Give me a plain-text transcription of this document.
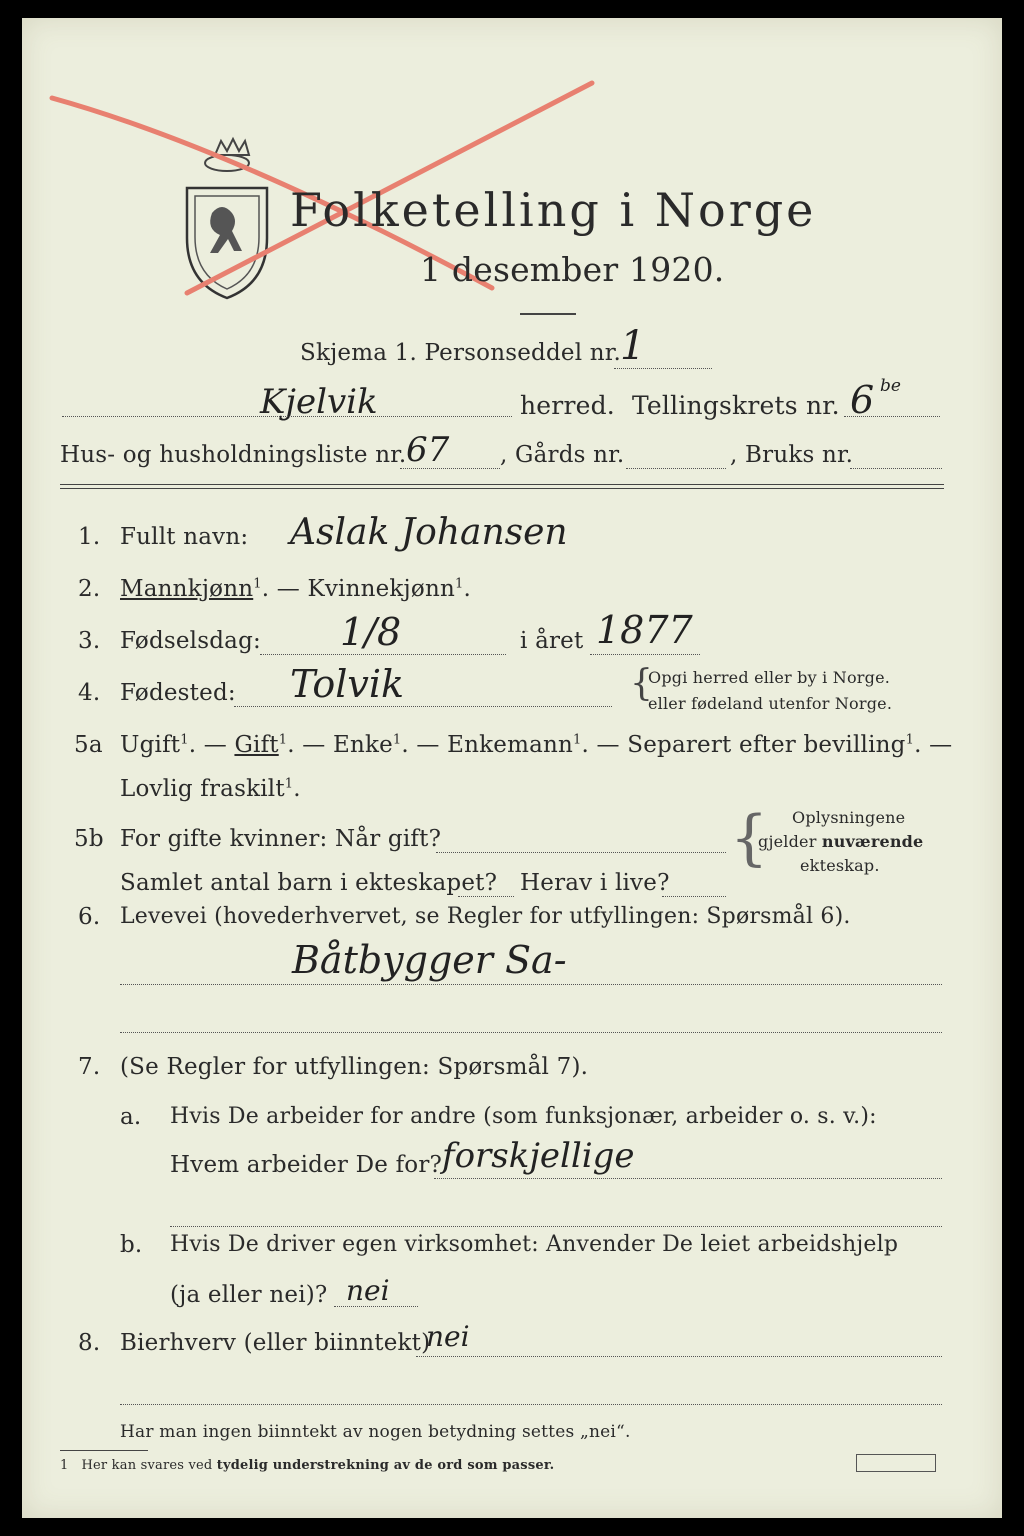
Folketelling i Norge
1 desember 1920.
Skjema 1. Personseddel nr. 1
Kjelvik	herred. Tellingskrets nr. 6 be
Hus- og husholdningsliste nr. 67 , Gårds nr.	, Bruks nr.
1. Fullt navn: Aslak Johansen
2. Mannkjønn$^1$. — Kvinnekjønn$^1$.
3. Fødselsdag: 1/8	i året 1877
4. Fødested: Tolvik	{
Opgi herred eller by i Norge.
eller fødeland utenfor Norge.
5a Ugift$^1$. — Gift$^1$. — Enke$^1$. — Enkemann$^1$. — Separert efter bevilling$^1$. —
Lovlig fraskilt$^1$.
5b For gifte kvinner: Når gift?
Samlet antal barn i ekteskapet? Herav i live?
{ Oplysningene
gjelder nuværende
ekteskap.
6. Levevei (hovederhvervet, se Regler for utfyllingen: Spørsmål 6).
Båtbygger Sa-
7. (Se Regler for utfyllingen: Spørsmål 7).
a. Hvis De arbeider for andre (som funksjonær, arbeider o. s. v.):
Hvem arbeider De for? forskjellige
b. Hvis De driver egen virksomhet: Anvender De leiet arbeidshjelp
(ja eller nei)? nei
8. Bierhverv (eller biinntekt)
nei
Har man ingen biinntekt av nogen betydning settes „nei“.
1 Her kan svares ved tydelig understrekning av de ord som passer.
